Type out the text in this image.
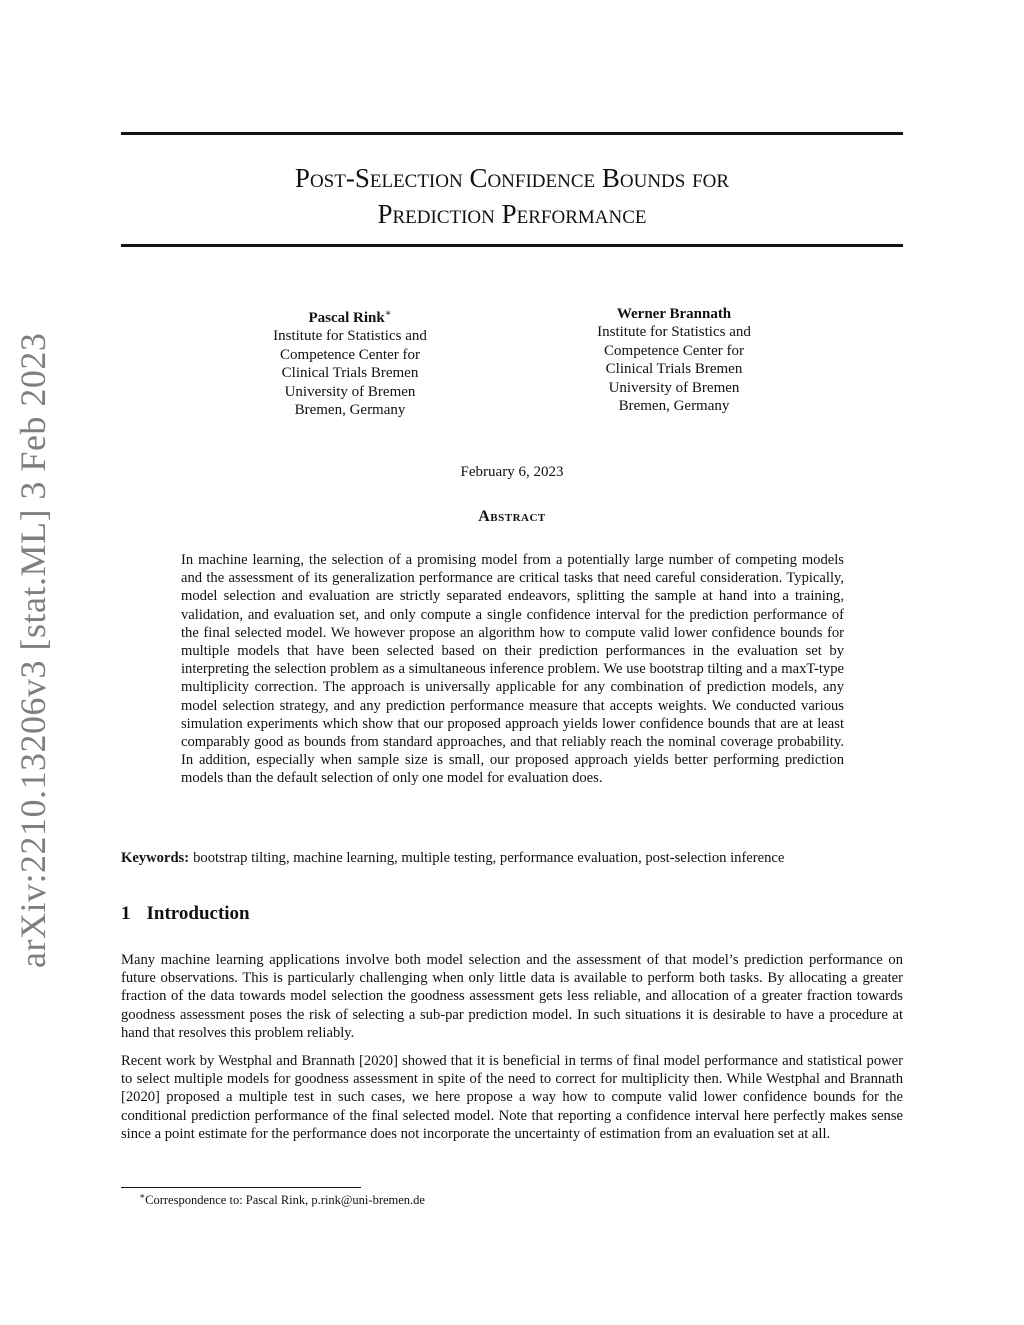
arXiv:2210.13206v3 [stat.ML] 3 Feb 2023
Post-Selection Confidence Bounds for
Prediction Performance
Pascal Rink∗
Institute for Statistics and
Competence Center for
Clinical Trials Bremen
University of Bremen
Bremen, Germany
Werner Brannath
Institute for Statistics and
Competence Center for
Clinical Trials Bremen
University of Bremen
Bremen, Germany
February 6, 2023
Abstract

In machine learning, the selection of a promising model from a potentially large number of competing models and the assessment of its generalization performance are critical tasks that need careful consideration. Typically, model selection and evaluation are strictly separated endeavors, splitting the sample at hand into a training, validation, and evaluation set, and only compute a single confidence interval for the prediction performance of the final selected model. We however propose an algorithm how to compute valid lower confidence bounds for multiple models that have been selected based on their prediction performances in the evaluation set by interpreting the selection problem as a simultaneous inference problem. We use bootstrap tilting and a maxT-type multiplicity correction. The approach is universally applicable for any combination of prediction models, any model selection strategy, and any prediction performance measure that accepts weights. We conducted various simulation experiments which show that our proposed approach yields lower confidence bounds that are at least comparably good as bounds from standard approaches, and that reliably reach the nominal coverage probability. In addition, especially when sample size is small, our proposed approach yields better performing prediction models than the default selection of only one model for evaluation does.

Keywords: bootstrap tilting, machine learning, multiple testing, performance evaluation, post-selection inference
1 Introduction

Many machine learning applications involve both model selection and the assessment of that model’s prediction performance on future observations. This is particularly challenging when only little data is available to perform both tasks. By allocating a greater fraction of the data towards model selection the goodness assessment gets less reliable, and allocation of a greater fraction towards goodness assessment poses the risk of selecting a sub-par prediction model. In such situations it is desirable to have a procedure at hand that resolves this problem reliably.

Recent work by Westphal and Brannath [2020] showed that it is beneficial in terms of final model performance and statistical power to select multiple models for goodness assessment in spite of the need to correct for multiplicity then. While Westphal and Brannath [2020] proposed a multiple test in such cases, we here propose a way how to compute valid lower confidence bounds for the conditional prediction performance of the final selected model. Note that reporting a confidence interval here perfectly makes sense since a point estimate for the performance does not incorporate the uncertainty of estimation from an evaluation set at all.

∗Correspondence to: Pascal Rink, p.rink@uni-bremen.de
